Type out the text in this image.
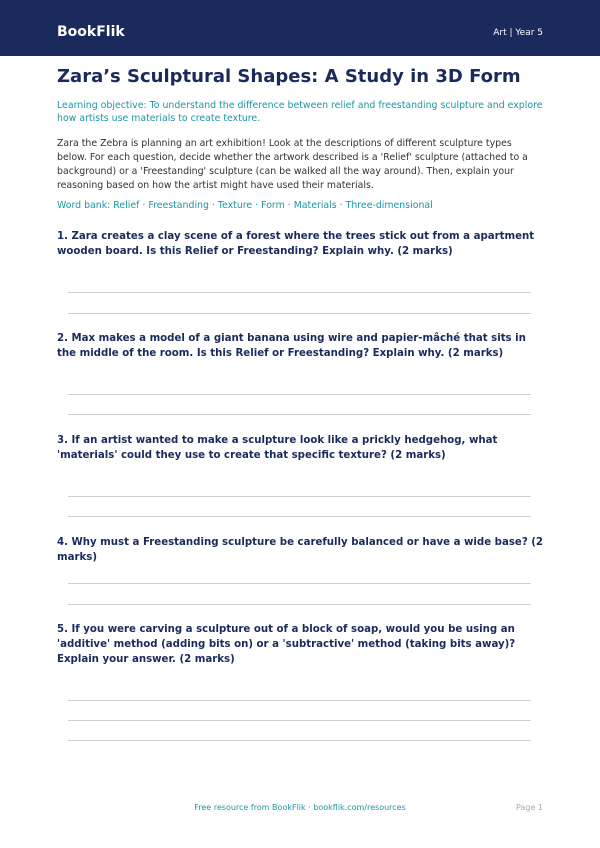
BookFlik	Art | Year 5
Zara’s Sculptural Shapes: A Study in 3D Form
Learning objective: To understand the difference between relief and freestanding sculpture and explore how artists use materials to create texture.
Zara the Zebra is planning an art exhibition! Look at the descriptions of different sculpture types below. For each question, decide whether the artwork described is a 'Relief' sculpture (attached to a background) or a 'Freestanding' sculpture (can be walked all the way around). Then, explain your reasoning based on how the artist might have used their materials.
Word bank: Relief · Freestanding · Texture · Form · Materials · Three-dimensional
1. Zara creates a clay scene of a forest where the trees stick out from a apartment wooden board. Is this Relief or Freestanding? Explain why. (2 marks)
2. Max makes a model of a giant banana using wire and papier-mâché that sits in the middle of the room. Is this Relief or Freestanding? Explain why. (2 marks)
3. If an artist wanted to make a sculpture look like a prickly hedgehog, what 'materials' could they use to create that specific texture? (2 marks)
4. Why must a Freestanding sculpture be carefully balanced or have a wide base? (2 marks)
5. If you were carving a sculpture out of a block of soap, would you be using an 'additive' method (adding bits on) or a 'subtractive' method (taking bits away)? Explain your answer. (2 marks)
Free resource from BookFlik · bookflik.com/resources	Page 1
